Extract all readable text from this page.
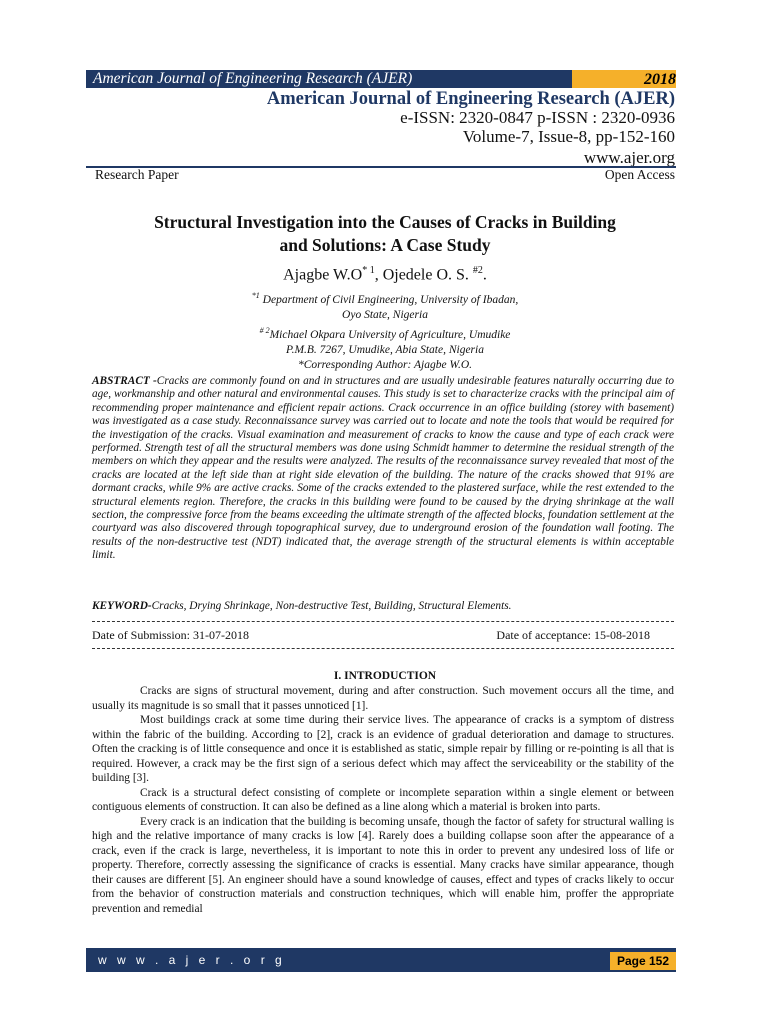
American Journal of Engineering Research (AJER)	2018
American Journal of Engineering Research (AJER)
e-ISSN: 2320-0847 p-ISSN : 2320-0936
Volume-7, Issue-8, pp-152-160
www.ajer.org
Research Paper	Open Access
Structural Investigation into the Causes of Cracks in Building
and Solutions: A Case Study
Ajagbe $W.O^{* 1}$, Ojedele O. S. $^{\#2}$.
$^{*1}$ Department of Civil Engineering, University of Ibadan,
Oyo State, Nigeria
$^{\# 2}$Michael Okpara University of Agriculture, Umudike
P.M.B. 7267, Umudike, Abia State, Nigeria
*Corresponding Author: Ajagbe W.O.
ABSTRACT -Cracks are commonly found on and in structures and are usually undesirable features naturally occurring due to age, workmanship and other natural and environmental causes. This study is set to characterize cracks with the principal aim of recommending proper maintenance and efficient repair actions. Crack occurrence in an office building (storey with basement) was investigated as a case study. Reconnaissance survey was carried out to locate and note the tools that would be required for the investigation of the cracks. Visual examination and measurement of cracks to know the cause and type of each crack were performed. Strength test of all the structural members was done using Schmidt hammer to determine the residual strength of the members on which they appear and the results were analyzed. The results of the reconnaissance survey revealed that most of the cracks are located at the left side than at right side elevation of the building. The nature of the cracks showed that 91% are dormant cracks, while 9% are active cracks. Some of the cracks extended to the plastered surface, while the rest extended to the structural elements region. Therefore, the cracks in this building were found to be caused by the drying shrinkage at the wall section, the compressive force from the beams exceeding the ultimate strength of the affected blocks, foundation settlement at the courtyard was also discovered through topographical survey, due to underground erosion of the foundation wall footing. The results of the non-destructive test (NDT) indicated that, the average strength of the structural elements is within acceptable limit.
KEYWORD-Cracks, Drying Shrinkage, Non-destructive Test, Building, Structural Elements.
Date of Submission: 31-07-2018	Date of acceptance: 15-08-2018
I. INTRODUCTION

Cracks are signs of structural movement, during and after construction. Such movement occurs all the time, and usually its magnitude is so small that it passes unnoticed [1].

Most buildings crack at some time during their service lives. The appearance of cracks is a symptom of distress within the fabric of the building. According to [2], crack is an evidence of gradual deterioration and damage to structures. Often the cracking is of little consequence and once it is established as static, simple repair by filling or re-pointing is all that is required. However, a crack may be the first sign of a serious defect which may affect the serviceability or the stability of the building [3].

Crack is a structural defect consisting of complete or incomplete separation within a single element or between contiguous elements of construction. It can also be defined as a line along which a material is broken into parts.

Every crack is an indication that the building is becoming unsafe, though the factor of safety for structural walling is high and the relative importance of many cracks is low [4]. Rarely does a building collapse soon after the appearance of a crack, even if the crack is large, nevertheless, it is important to note this in order to prevent any undesired loss of life or property. Therefore, correctly assessing the significance of cracks is essential. Many cracks have similar appearance, though their causes are different [5]. An engineer should have a sound knowledge of causes, effect and types of cracks likely to occur from the behavior of construction materials and construction techniques, which will enable him, proffer the appropriate prevention and remedial

w w w . a j e r . o r g	Page 152
